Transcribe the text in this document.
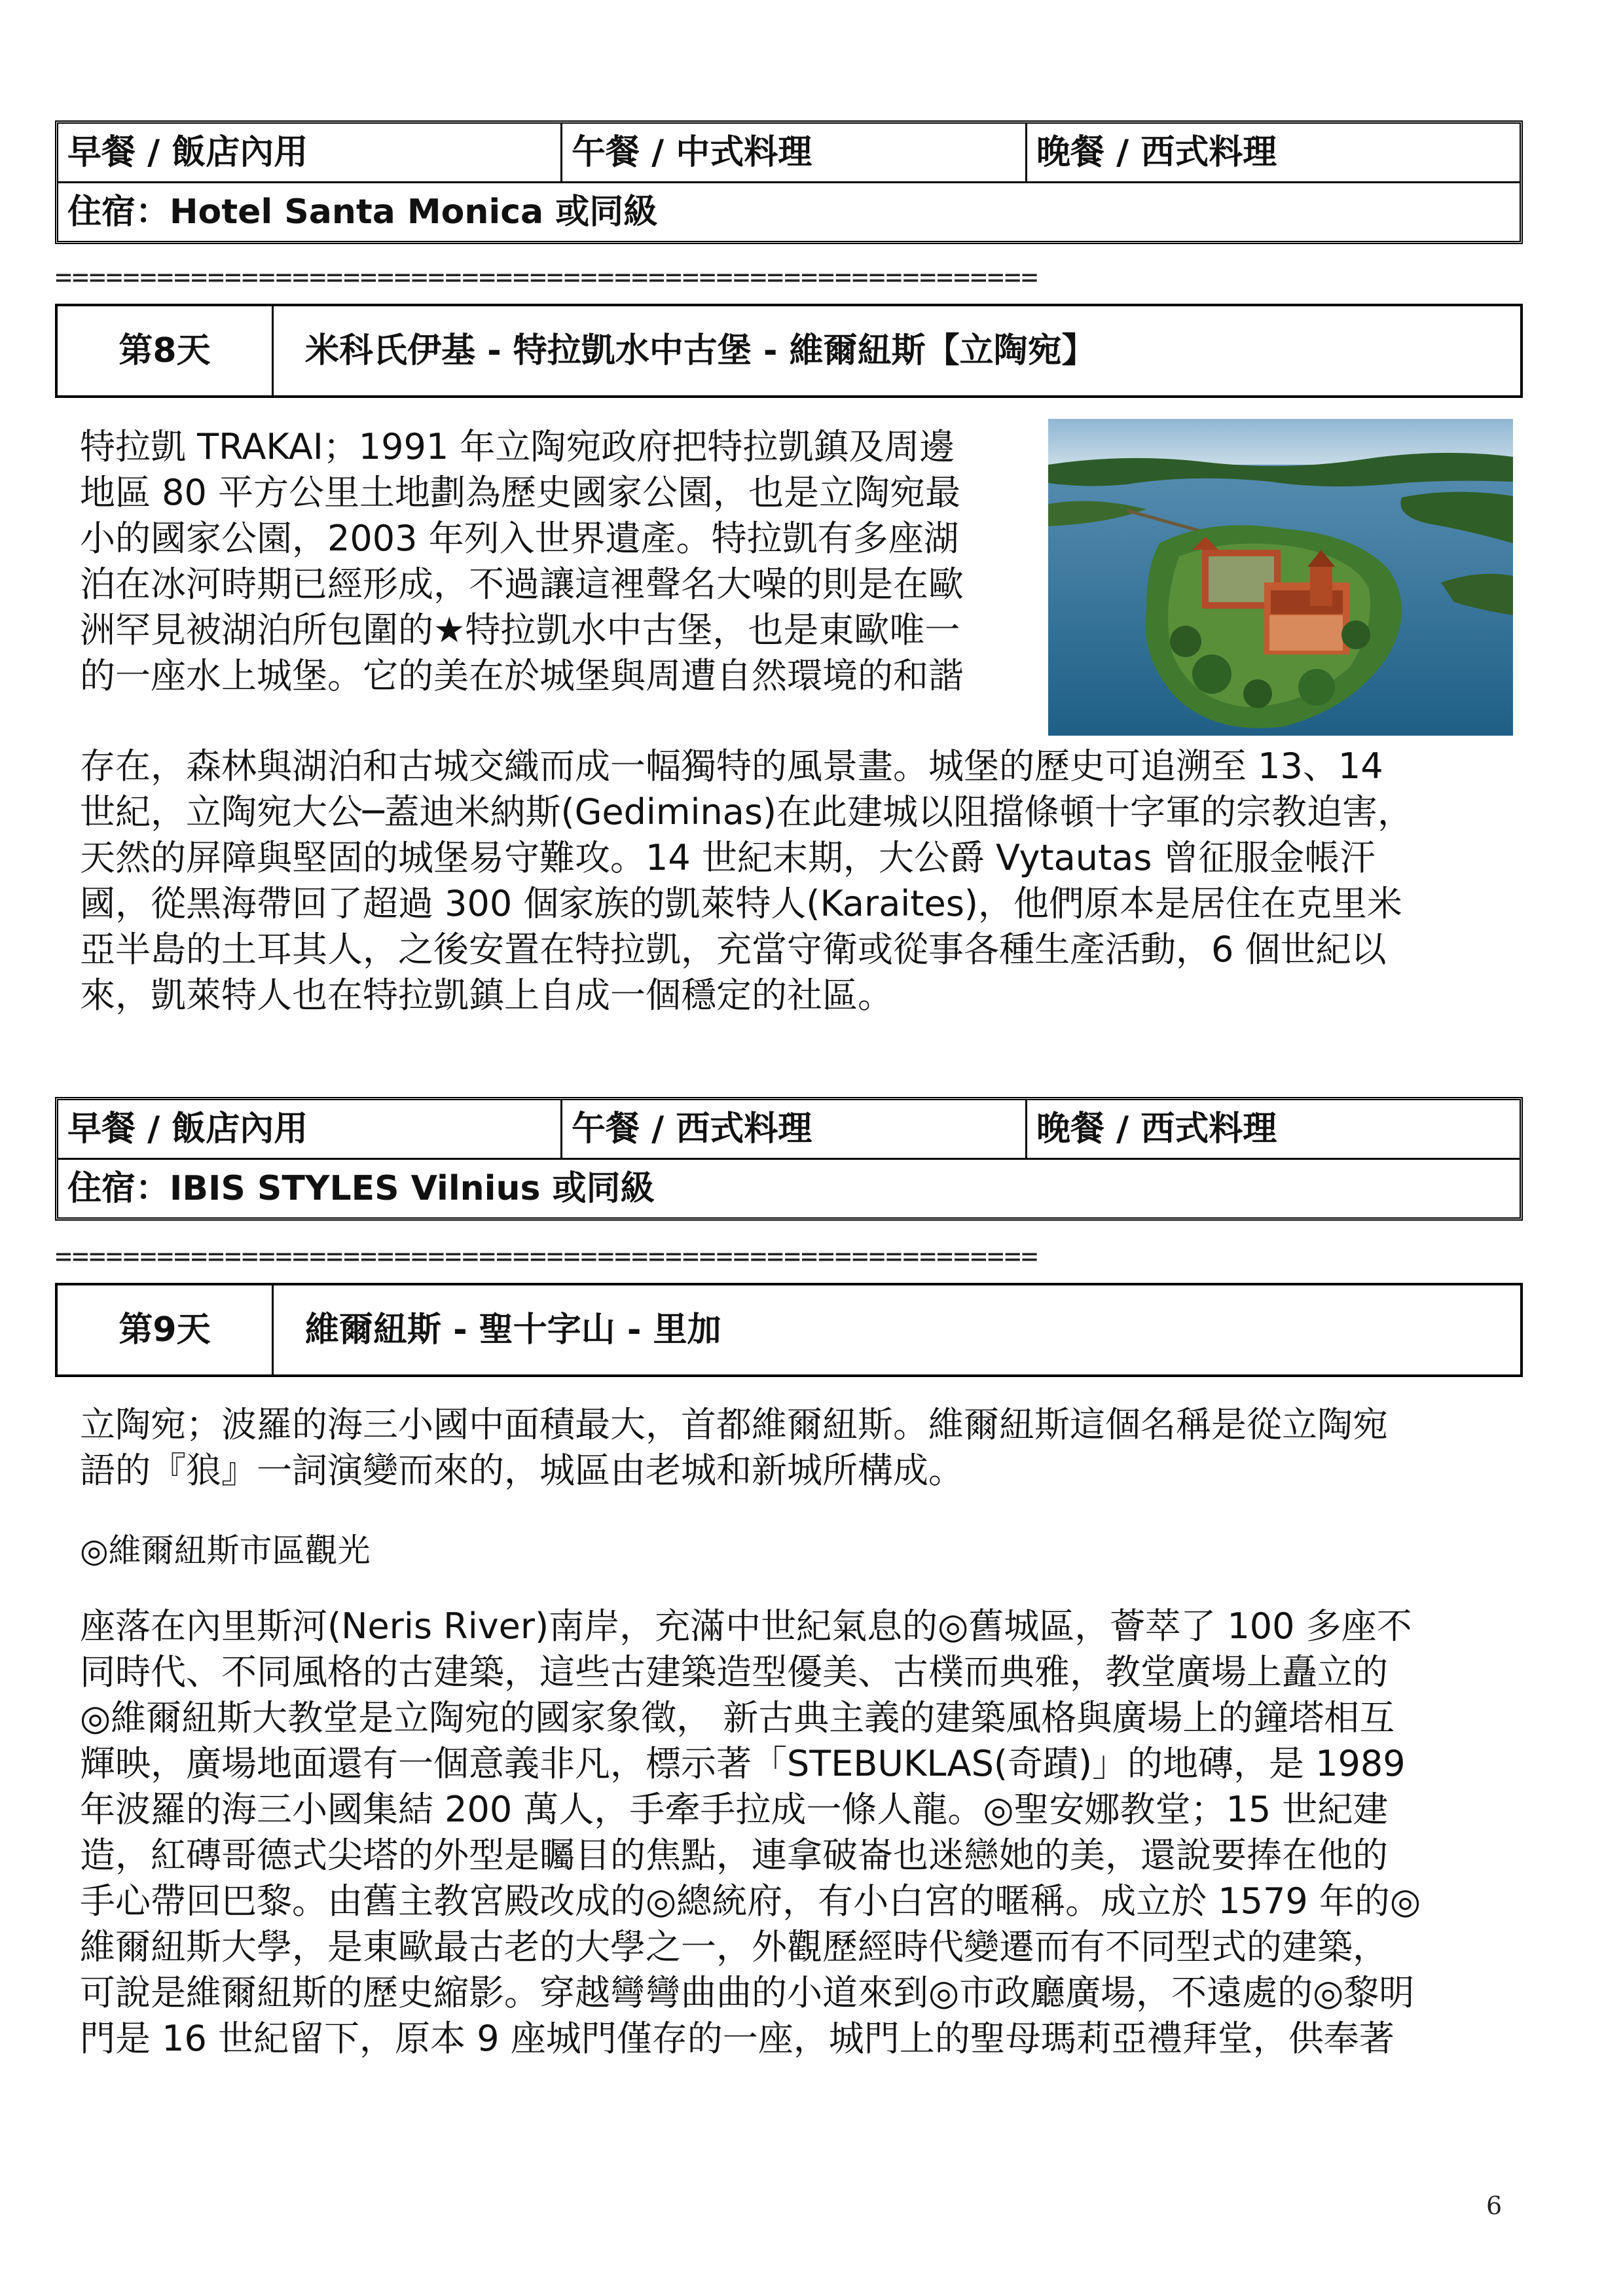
早餐 / 飯店內用	午餐 / 中式料理	晚餐 / 西式料理
住宿：Hotel Santa Monica 或同級
==========================================================
第8天	米科氏伊基 - 特拉凱水中古堡 - 維爾紐斯【立陶宛】
特拉凱 TRAKAI；1991 年立陶宛政府把特拉凱鎮及周邊
地區 80 平方公里土地劃為歷史國家公園，也是立陶宛最
小的國家公園，2003 年列入世界遺產。特拉凱有多座湖
泊在冰河時期已經形成，不過讓這裡聲名大噪的則是在歐
洲罕見被湖泊所包圍的★特拉凱水中古堡，也是東歐唯一
的一座水上城堡。它的美在於城堡與周遭自然環境的和諧
存在，森林與湖泊和古城交織而成一幅獨特的風景畫。城堡的歷史可追溯至 13、14
世紀，立陶宛大公─蓋迪米納斯(Gediminas)在此建城以阻擋條頓十字軍的宗教迫害，
天然的屏障與堅固的城堡易守難攻。14 世紀末期，大公爵 Vytautas 曾征服金帳汗
國，從黑海帶回了超過 300 個家族的凱萊特人(Karaites)，他們原本是居住在克里米
亞半島的土耳其人，之後安置在特拉凱，充當守衛或從事各種生產活動，6 個世紀以
來，凱萊特人也在特拉凱鎮上自成一個穩定的社區。
早餐 / 飯店內用	午餐 / 西式料理	晚餐 / 西式料理
住宿：IBIS STYLES Vilnius 或同級
==========================================================
第9天	維爾紐斯 - 聖十字山 - 里加
立陶宛；波羅的海三小國中面積最大，首都維爾紐斯。維爾紐斯這個名稱是從立陶宛
語的『狼』一詞演變而來的，城區由老城和新城所構成。
◎維爾紐斯市區觀光
座落在內里斯河(Neris River)南岸，充滿中世紀氣息的◎舊城區，薈萃了 100 多座不
同時代、不同風格的古建築，這些古建築造型優美、古樸而典雅，教堂廣場上矗立的
◎維爾紐斯大教堂是立陶宛的國家象徵， 新古典主義的建築風格與廣場上的鐘塔相互
輝映，廣場地面還有一個意義非凡，標示著「STEBUKLAS(奇蹟)」的地磚，是 1989
年波羅的海三小國集結 200 萬人，手牽手拉成一條人龍。◎聖安娜教堂；15 世紀建
造，紅磚哥德式尖塔的外型是矚目的焦點，連拿破崙也迷戀她的美，還說要捧在他的
手心帶回巴黎。由舊主教宮殿改成的◎總統府，有小白宮的暱稱。成立於 1579 年的◎
維爾紐斯大學，是東歐最古老的大學之一，外觀歷經時代變遷而有不同型式的建築，
可說是維爾紐斯的歷史縮影。穿越彎彎曲曲的小道來到◎市政廳廣場，不遠處的◎黎明
門是 16 世紀留下，原本 9 座城門僅存的一座，城門上的聖母瑪莉亞禮拜堂，供奉著
6
